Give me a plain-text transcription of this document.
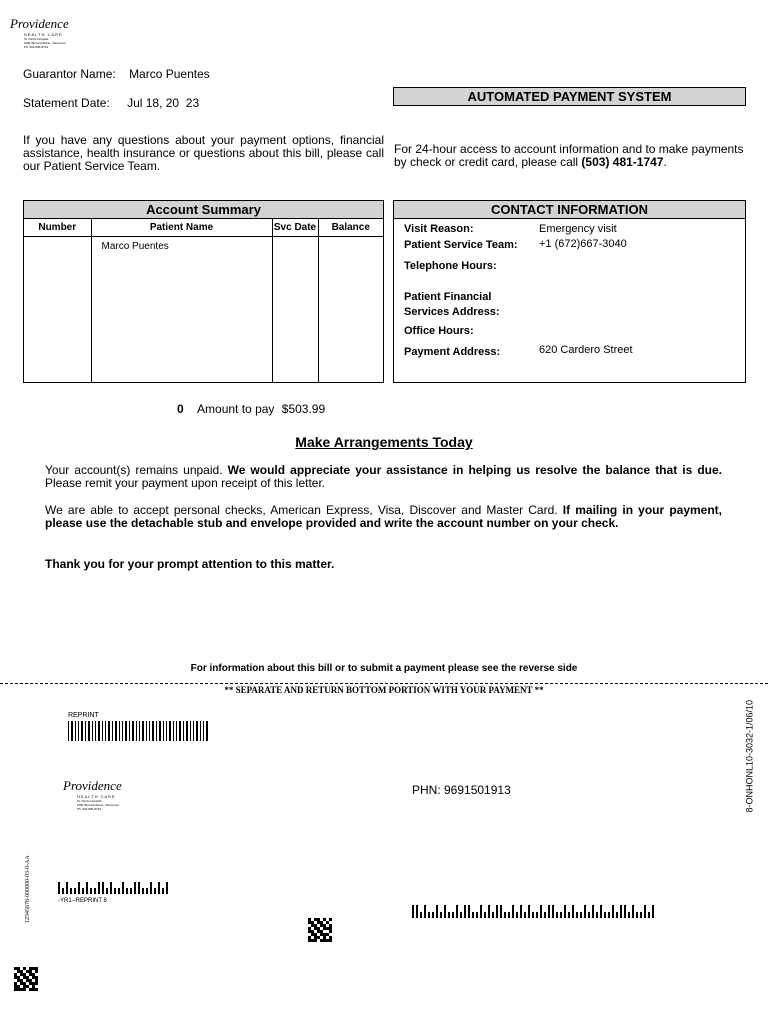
Providence
HEALTH CARE
St. Paul's Hospital
1081 Burrard Street, Vancouver
Ph: 604-806-8733
Guarantor Name: Marco Puentes
Statement Date: Jul 18, 20  23	AUTOMATED PAYMENT SYSTEM
If you have any questions about your payment options, financial assistance, health insurance or questions about this bill, please call our Patient Service Team.
For 24-hour access to account information and to make payments by check or credit card, please call (503) 481-1747.
Account Summary
Number	Patient Name	Svc Date	Balance
	Marco Puentes		
CONTACT INFORMATION
Visit Reason:	Emergency visit
Patient Service Team: +1 (672)667-3040
Telephone Hours:
Patient Financial Services Address:
Office Hours:
Payment Address:	620 Cardero Street
0 Amount to pay $503.99
Make Arrangements Today
Your account(s) remains unpaid. We would appreciate your assistance in helping us resolve the balance that is due. Please remit your payment upon receipt of this letter.
We are able to accept personal checks, American Express, Visa, Discover and Master Card. If mailing in your payment, please use the detachable stub and envelope provided and write the account number on your check.
Thank you for your prompt attention to this matter.
For information about this bill or to submit a payment please see the reverse side
** SEPARATE AND RETURN BOTTOM PORTION WITH YOUR PAYMENT **
REPRINT
Providence
HEALTH CARE
St. Paul's Hospital
1081 Burrard Street, Vancouver
Ph: 604-806-8733
PHN: 9691501913	8-ONHONL10-3032-1/06/10
12345678-000000-03-0-AA	-YR1--REPRINT 8
